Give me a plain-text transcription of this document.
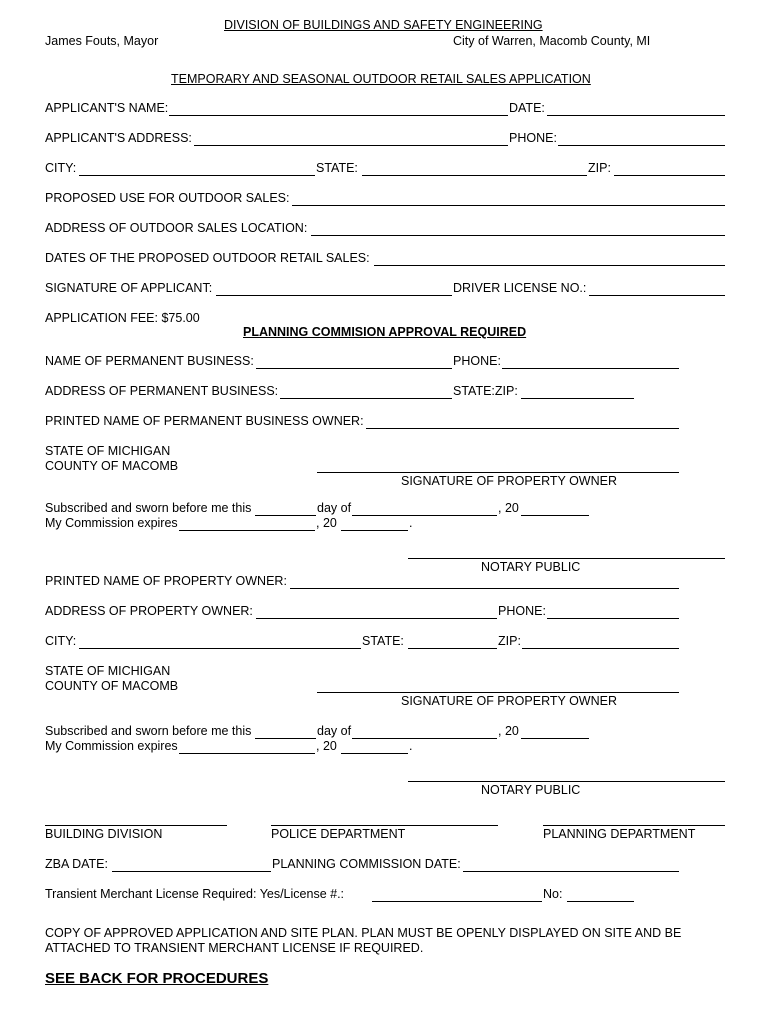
DIVISION OF BUILDINGS AND SAFETY ENGINEERING
James Fouts, Mayor	City of Warren, Macomb County, MI
TEMPORARY AND SEASONAL OUTDOOR RETAIL SALES APPLICATION
APPLICANT'S NAME:	DATE:
APPLICANT'S ADDRESS:	PHONE:
CITY:	STATE:	ZIP:
PROPOSED USE FOR OUTDOOR SALES:
ADDRESS OF OUTDOOR SALES LOCATION:
DATES OF THE PROPOSED OUTDOOR RETAIL SALES:
SIGNATURE OF APPLICANT:	DRIVER LICENSE NO.:
APPLICATION FEE: $75.00
PLANNING COMMISION APPROVAL REQUIRED
NAME OF PERMANENT BUSINESS:	PHONE:
ADDRESS OF PERMANENT BUSINESS:	STATE:ZIP:
PRINTED NAME OF PERMANENT BUSINESS OWNER:
STATE OF MICHIGAN
COUNTY OF MACOMB
SIGNATURE OF PROPERTY OWNER
Subscribed and sworn before me this	day of	, 20
My Commission expires	, 20	.
NOTARY PUBLIC
PRINTED NAME OF PROPERTY OWNER:
ADDRESS OF PROPERTY OWNER:	PHONE:
CITY:	STATE:	ZIP:
STATE OF MICHIGAN
COUNTY OF MACOMB
SIGNATURE OF PROPERTY OWNER
Subscribed and sworn before me this	day of	, 20
My Commission expires	, 20	.
NOTARY PUBLIC
BUILDING DIVISION	POLICE DEPARTMENT	PLANNING DEPARTMENT
ZBA DATE:	PLANNING COMMISSION DATE:
Transient Merchant License Required: Yes/License #.:	No:
COPY OF APPROVED APPLICATION AND SITE PLAN. PLAN MUST BE OPENLY DISPLAYED ON SITE AND BE
ATTACHED TO TRANSIENT MERCHANT LICENSE IF REQUIRED.
SEE BACK FOR PROCEDURES
